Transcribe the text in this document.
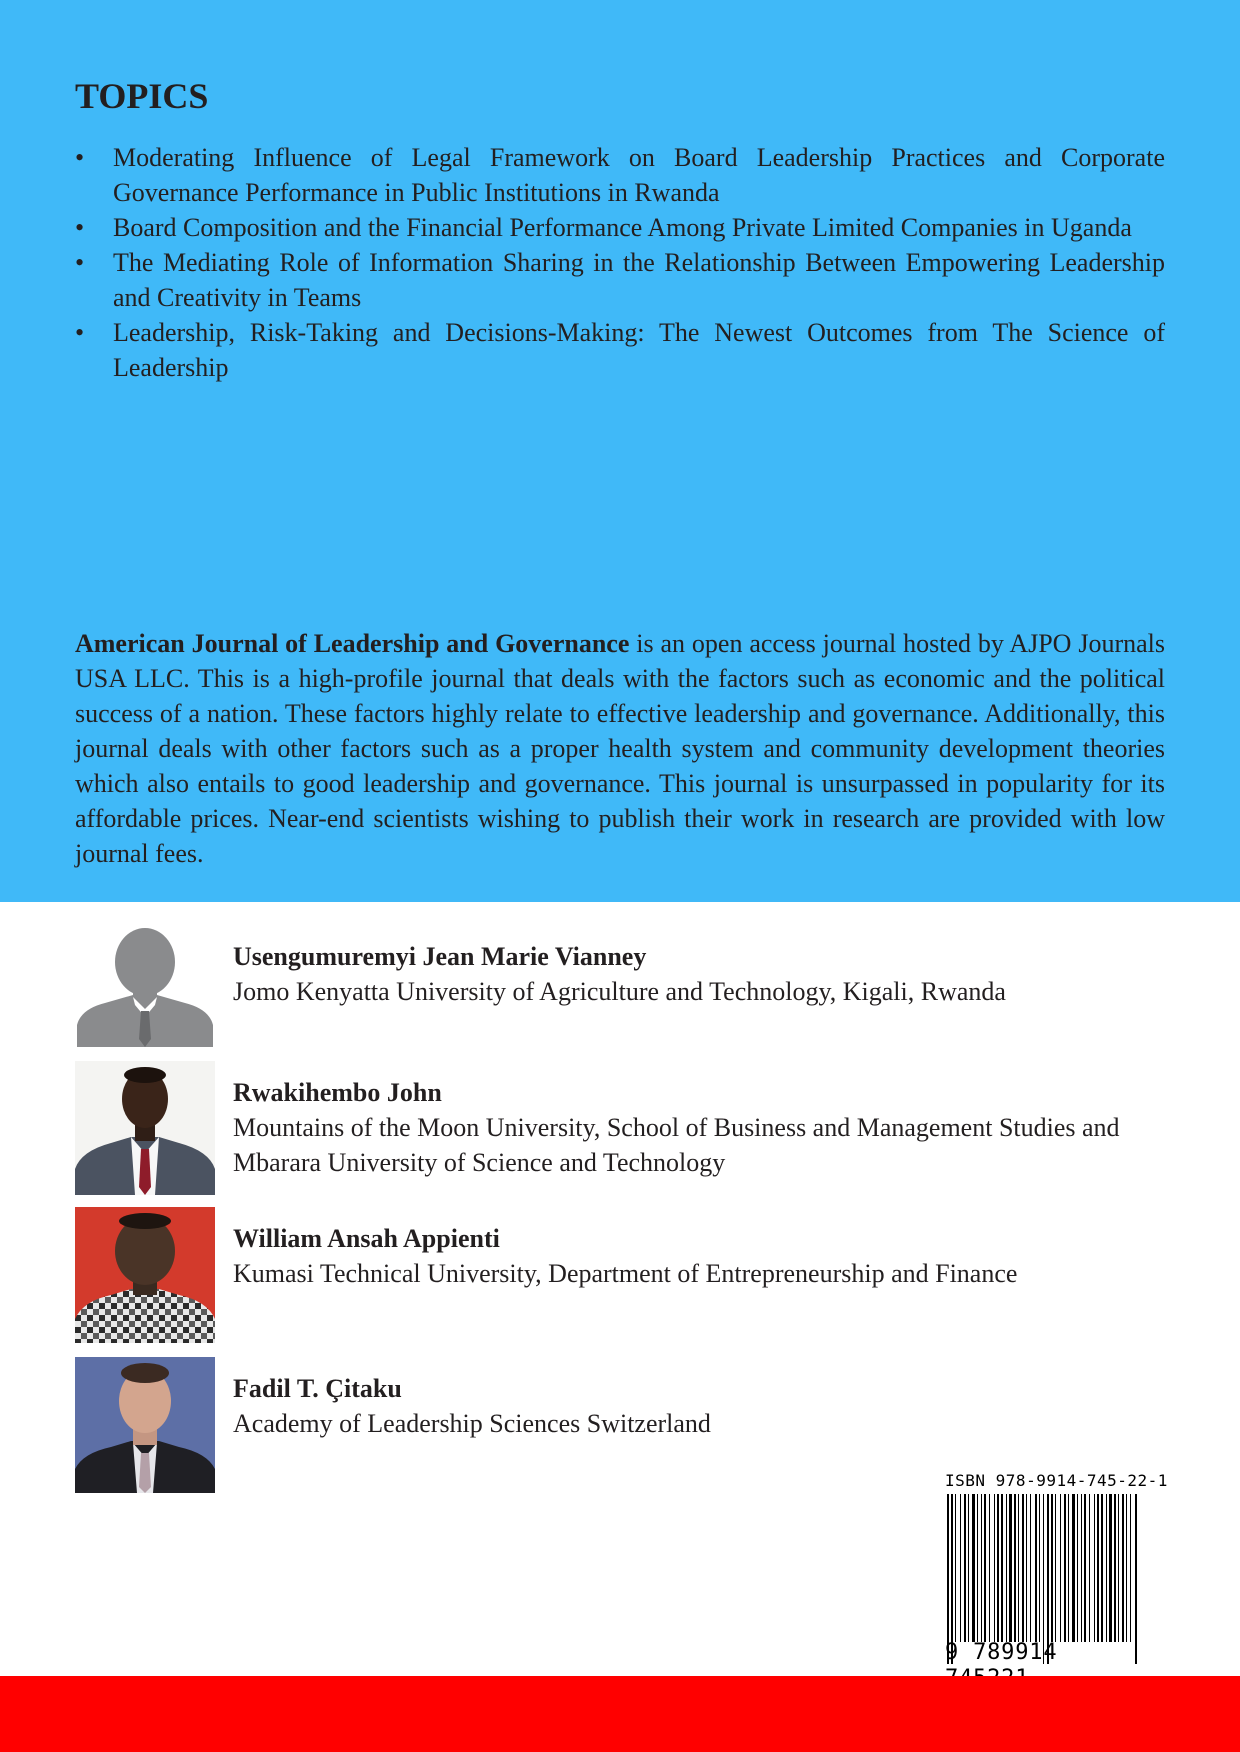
TOPICS
• Moderating Influence of Legal Framework on Board Leadership Practices and Corporate Governance Performance in Public Institutions in Rwanda
• Board Composition and the Financial Performance Among Private Limited Companies in Uganda
• The Mediating Role of Information Sharing in the Relationship Between Empowering Leadership and Creativity in Teams
• Leadership, Risk-Taking and Decisions-Making: The Newest Outcomes from The Science of Leadership

American Journal of Leadership and Governance is an open access journal hosted by AJPO Journals USA LLC. This is a high-profile journal that deals with the factors such as economic and the political success of a nation. These factors highly relate to effective leadership and governance. Additionally, this journal deals with other factors such as a proper health system and community development theories which also entails to good leadership and governance. This journal is unsurpassed in popularity for its affordable prices. Near-end scientists wishing to publish their work in research are provided with low journal fees.

Usengumuremyi Jean Marie Vianney
Jomo Kenyatta University of Agriculture and Technology, Kigali, Rwanda
Rwakihembo John
Mountains of the Moon University, School of Business and Management Studies and Mbarara University of Science and Technology
William Ansah Appienti
Kumasi Technical University, Department of Entrepreneurship and Finance
Fadil T. Çitaku
Academy of Leadership Sciences Switzerland
ISBN 978-9914-745-22-1
9 789914
